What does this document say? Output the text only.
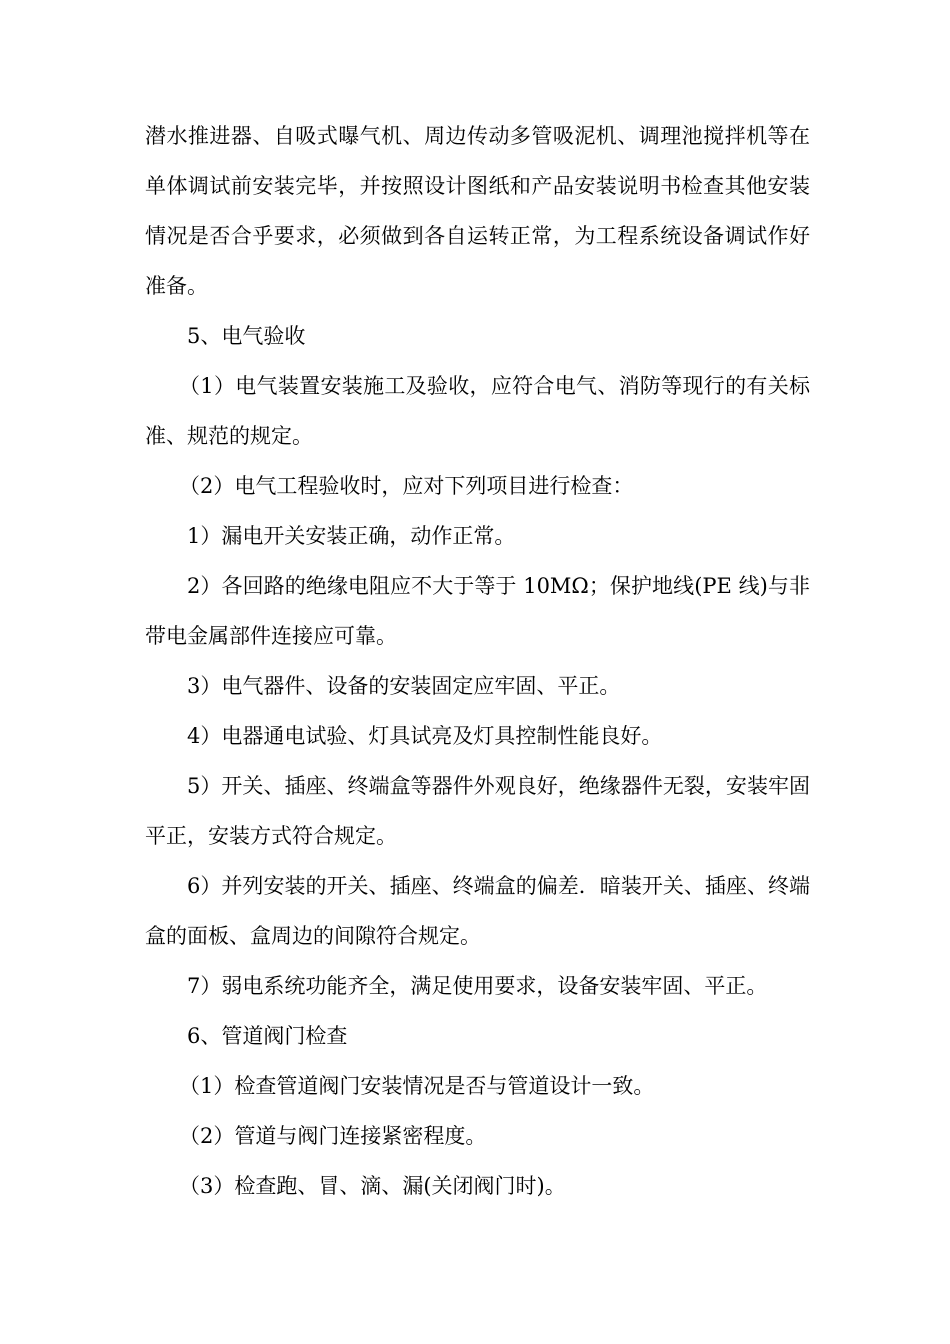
潜水推进器、自吸式曝气机、周边传动多管吸泥机、调理池搅拌机等在单体调试前安装完毕，并按照设计图纸和产品安装说明书检查其他安装情况是否合乎要求，必须做到各自运转正常，为工程系统设备调试作好准备。

5、电气验收

（1）电气装置安装施工及验收，应符合电气、消防等现行的有关标准、规范的规定。

（2）电气工程验收时，应对下列项目进行检查：

1）漏电开关安装正确，动作正常。

2）各回路的绝缘电阻应不大于等于 10MΩ；保护地线(PE 线)与非带电金属部件连接应可靠。

3）电气器件、设备的安装固定应牢固、平正。

4）电器通电试验、灯具试亮及灯具控制性能良好。

5）开关、插座、终端盒等器件外观良好，绝缘器件无裂，安装牢固平正，安装方式符合规定。

6）并列安装的开关、插座、终端盒的偏差．暗装开关、插座、终端盒的面板、盒周边的间隙符合规定。

7）弱电系统功能齐全，满足使用要求，设备安装牢固、平正。

6、管道阀门检查

（1）检查管道阀门安装情况是否与管道设计一致。

（2）管道与阀门连接紧密程度。

（3）检查跑、冒、滴、漏(关闭阀门时)。
